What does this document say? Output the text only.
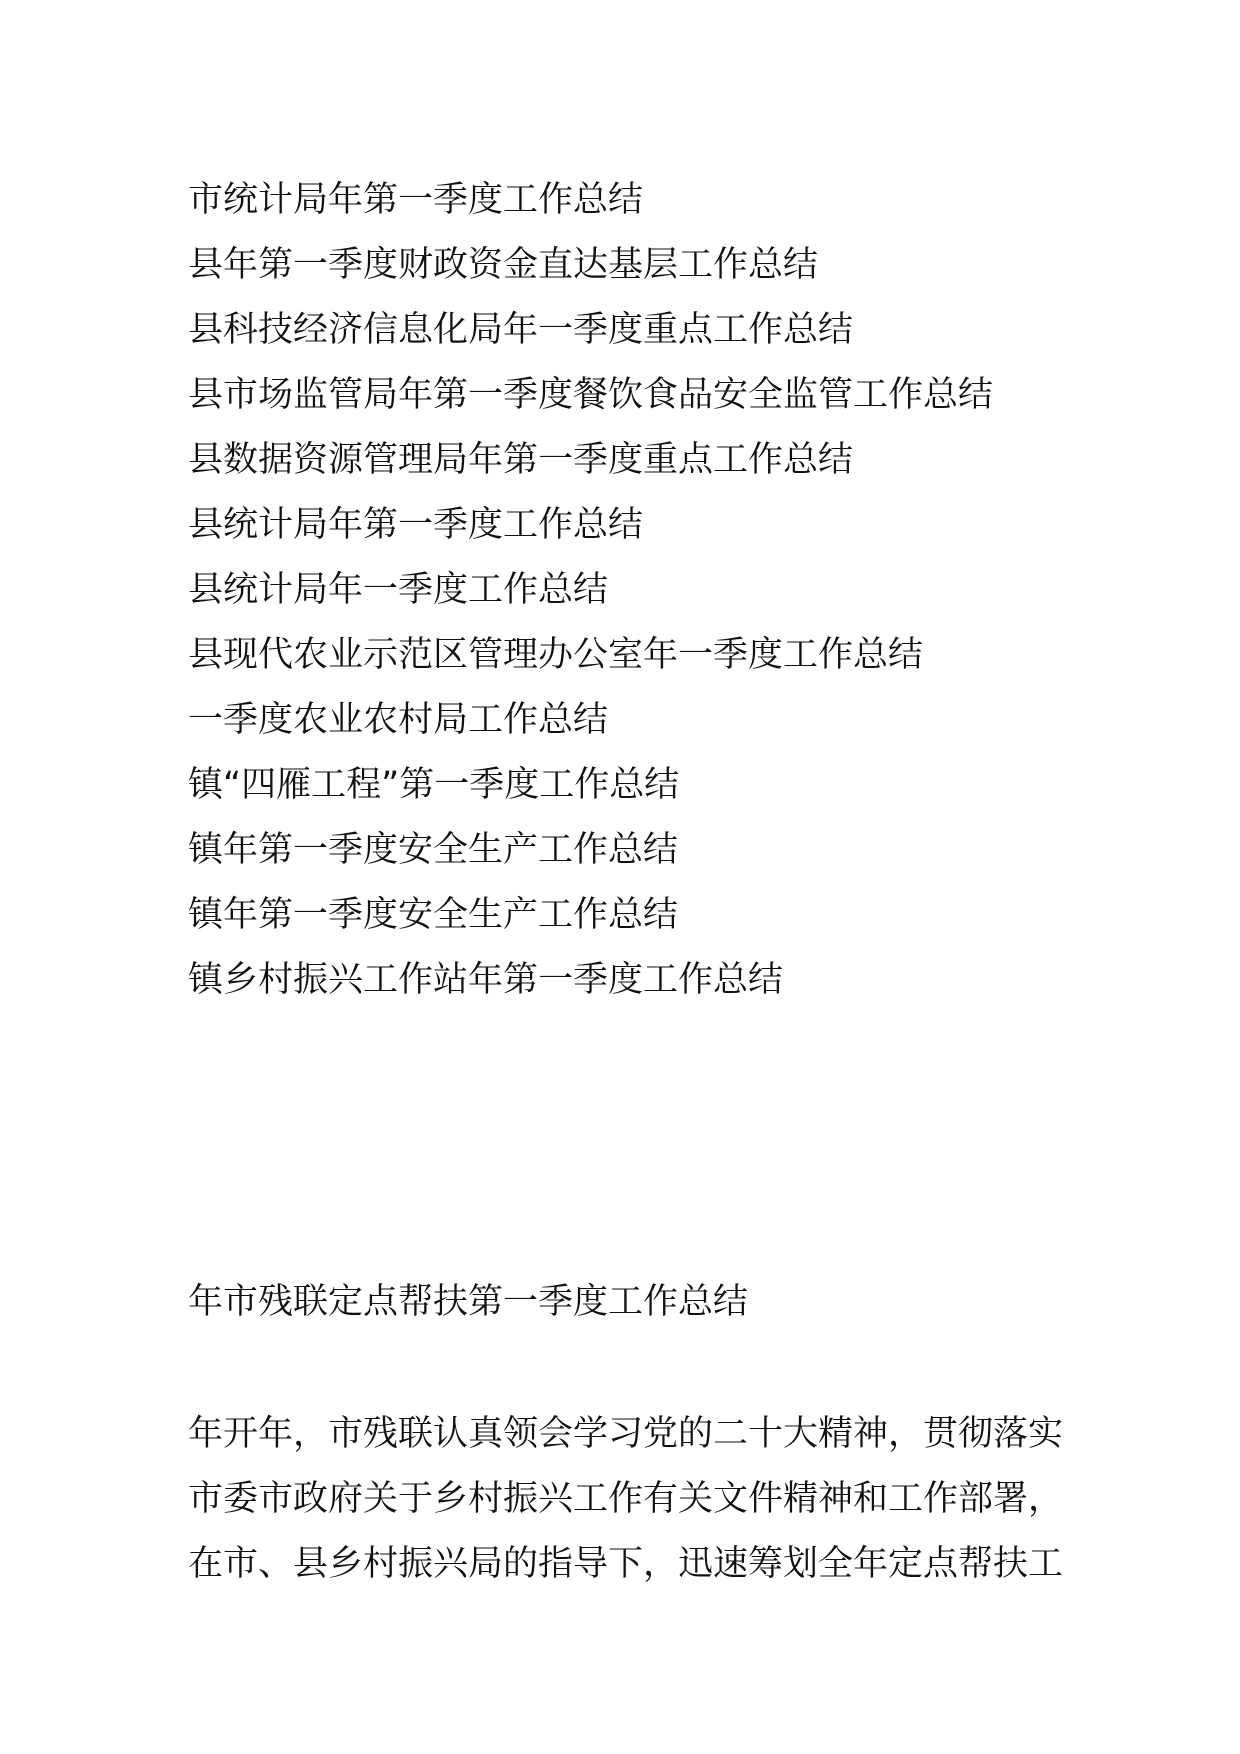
市统计局年第一季度工作总结
县年第一季度财政资金直达基层工作总结
县科技经济信息化局年一季度重点工作总结
县市场监管局年第一季度餐饮食品安全监管工作总结
县数据资源管理局年第一季度重点工作总结
县统计局年第一季度工作总结
县统计局年一季度工作总结
县现代农业示范区管理办公室年一季度工作总结
一季度农业农村局工作总结
镇“四雁工程”第一季度工作总结
镇年第一季度安全生产工作总结
镇年第一季度安全生产工作总结
镇乡村振兴工作站年第一季度工作总结
年市残联定点帮扶第一季度工作总结

年开年，市残联认真领会学习党的二十大精神，贯彻落实
市委市政府关于乡村振兴工作有关文件精神和工作部署，
在市、县乡村振兴局的指导下，迅速筹划全年定点帮扶工
